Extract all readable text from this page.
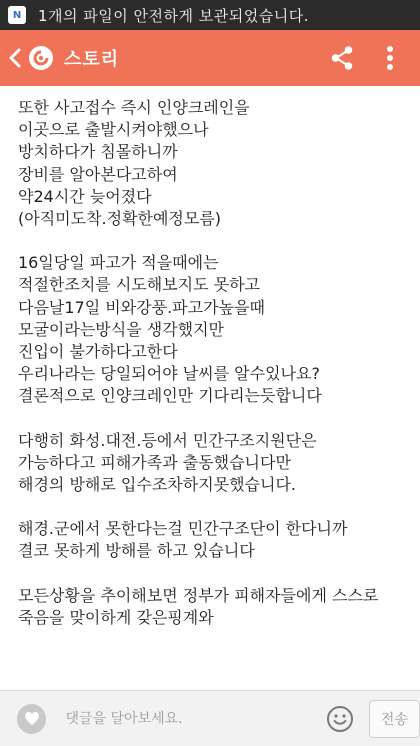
N	1개의 파일이 안전하게 보관되었습니다.
스토리
또한 사고접수 즉시 인양크레인을
이곳으로 출발시켜야했으나
방치하다가 침몰하니까
장비를 알아본다고하여
약24시간 늦어졌다
(아직미도착.정확한예정모름)
16일당일 파고가 적을때에는
적절한조치를 시도해보지도 못하고
다음날17일 비와강풍.파고가높을때
모굴이라는방식을 생각했지만
진입이 불가하다고한다
우리나라는 당일되어야 날씨를 알수있나요?
결론적으로 인양크레인만 기다리는듯합니다
다행히 화성.대전.등에서 민간구조지원단은
가능하다고 피해가족과 출동했습니다만
해경의 방해로 입수조차하지못했습니다.
해경.군에서 못한다는걸 민간구조단이 한다니까
결코 못하게 방해를 하고 있습니다
모든상황을 추이해보면 정부가 피해자들에게 스스로
죽음을 맞이하게 갖은핑계와
댓글을 달아보세요.
전송
